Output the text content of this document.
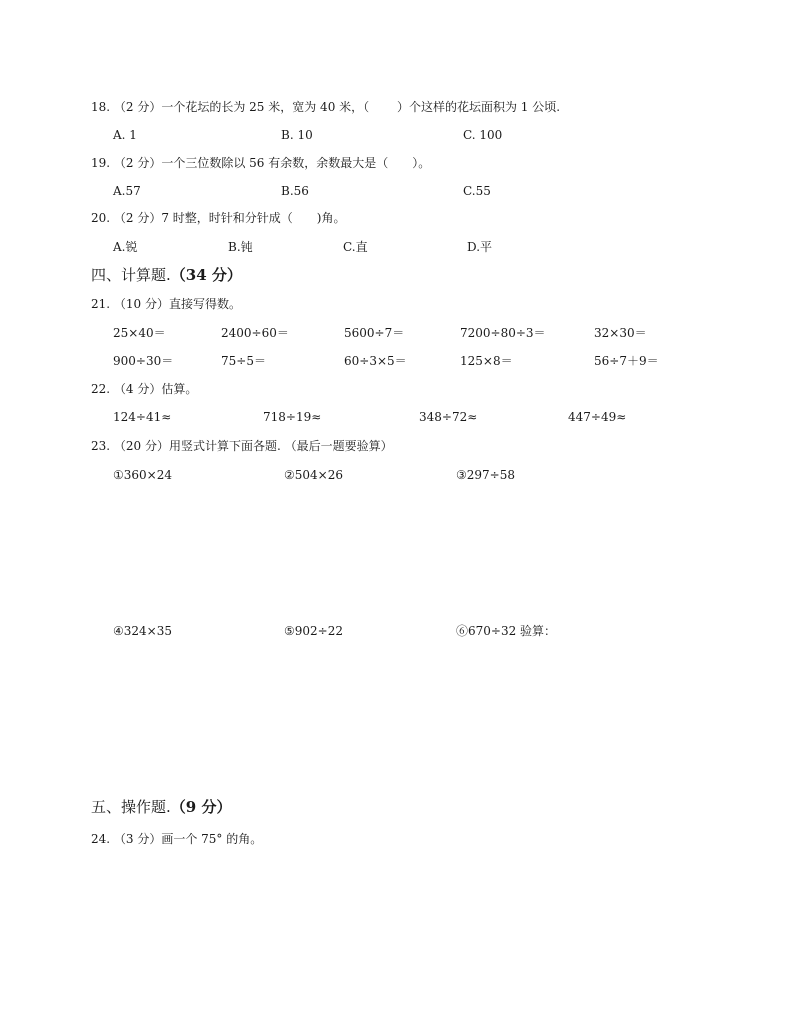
18. （2 分）一个花坛的长为 25 米，宽为 40 米，（　　 ）个这样的花坛面积为 1 公顷.
A. 1	B. 10	C. 100
19. （2 分）一个三位数除以 56 有余数，余数最大是（　　）。
A.57	B.56	C.55
20. （2 分）7 时整，时针和分针成（　　)角。
A.锐	B.钝	C.直	D.平
四、计算题.（34 分）
21. （10 分）直接写得数。
25×40＝	2400÷60＝	5600÷7＝	7200÷80÷3＝	32×30＝
900÷30＝	75÷5＝	60÷3×5＝	125×8＝	56÷7＋9＝
22. （4 分）估算。
124÷41≈	718÷19≈	348÷72≈	447÷49≈
23. （20 分）用竖式计算下面各题. （最后一题要验算）
①360×24	②504×26	③297÷58
④324×35	⑤902÷22	⑥670÷32 验算：
五、操作题.（9 分）
24. （3 分）画一个 75° 的角。
